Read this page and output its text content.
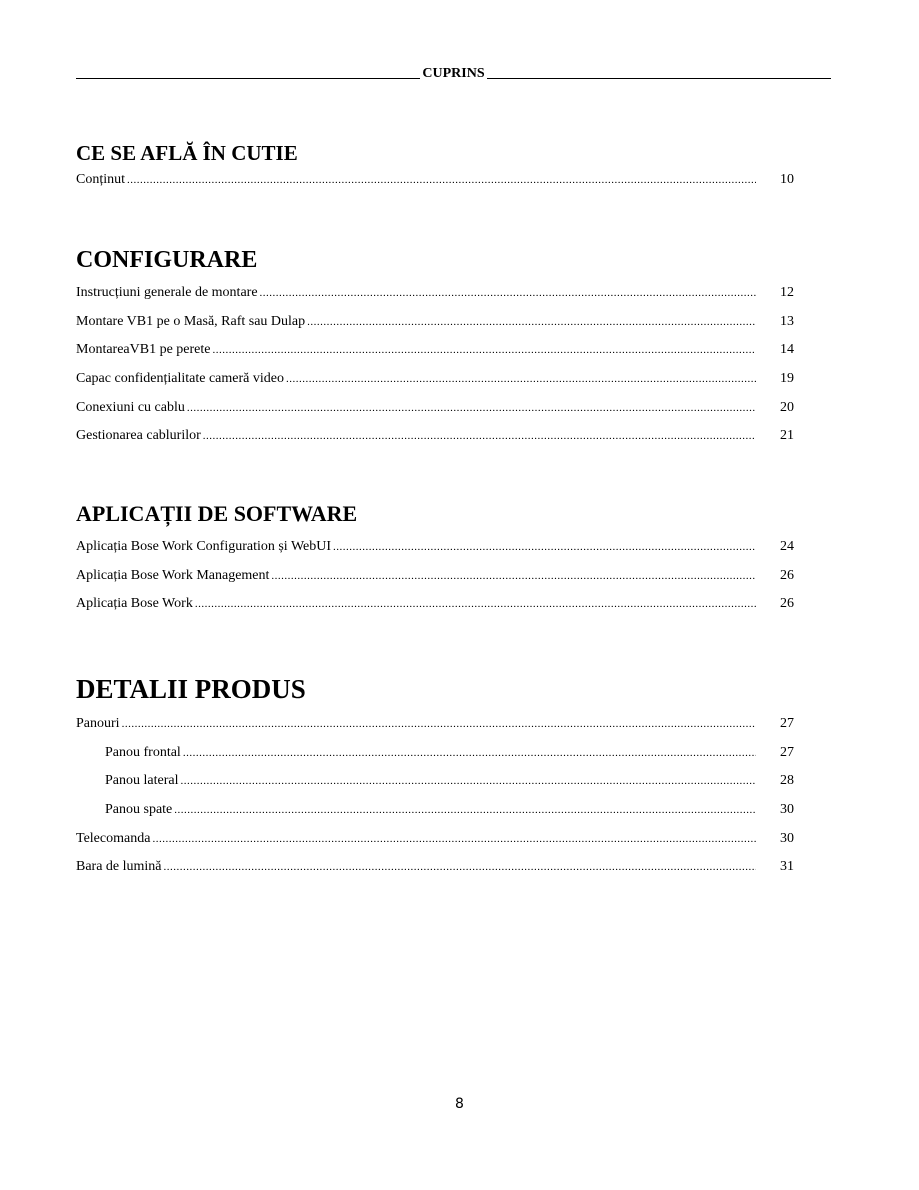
CUPRINS
CE SE AFLĂ ÎN CUTIE
Conținut .....	10
CONFIGURARE
Instrucțiuni generale de montare .....	12
Montare VB1 pe o Masă, Raft sau Dulap .....	13
MontareaVB1 pe perete .....	14
Capac confidențialitate cameră video .....	19
Conexiuni cu cablu .....	20
Gestionarea cablurilor .....	21
APLICAȚII DE SOFTWARE
Aplicația Bose Work Configuration și WebUI .....	24
Aplicația Bose Work Management .....	26
Aplicația Bose Work .....	26
DETALII PRODUS
Panouri .....	27
Panou frontal .....	27
Panou lateral .....	28
Panou spate .....	30
Telecomanda .....	30
Bara de lumină .....	31
8
